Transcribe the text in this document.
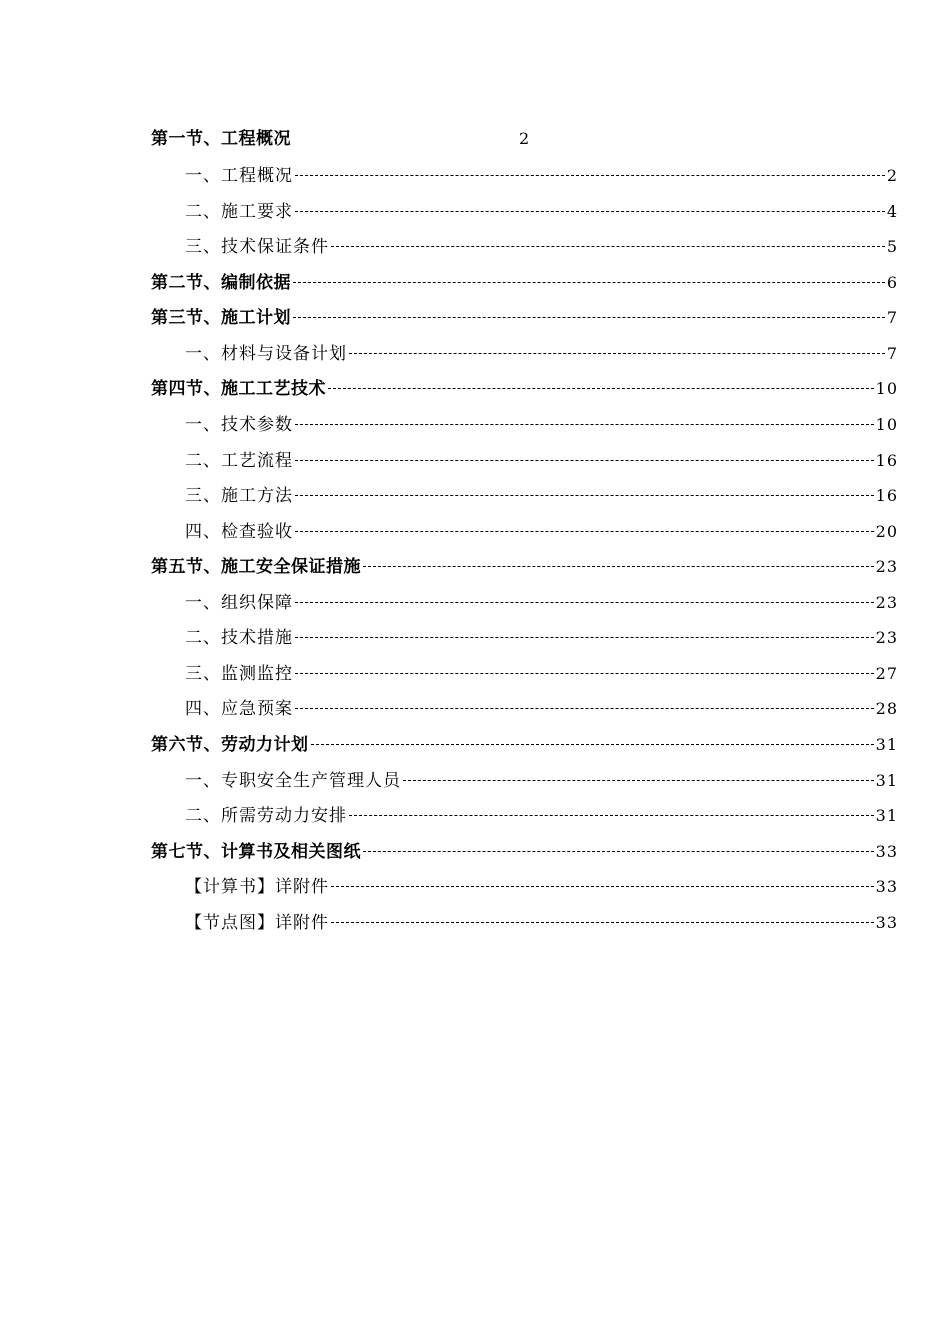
第一节、工程概况	2
一、工程概况	2
二、施工要求	4
三、技术保证条件	5
第二节、编制依据	6
第三节、施工计划	7
一、材料与设备计划	7
第四节、施工工艺技术	10
一、技术参数	10
二、工艺流程	16
三、施工方法	16
四、检查验收	20
第五节、施工安全保证措施	23
一、组织保障	23
二、技术措施	23
三、监测监控	27
四、应急预案	28
第六节、劳动力计划	31
一、专职安全生产管理人员	31
二、所需劳动力安排	31
第七节、计算书及相关图纸	33
【计算书】详附件	33
【节点图】详附件	33
